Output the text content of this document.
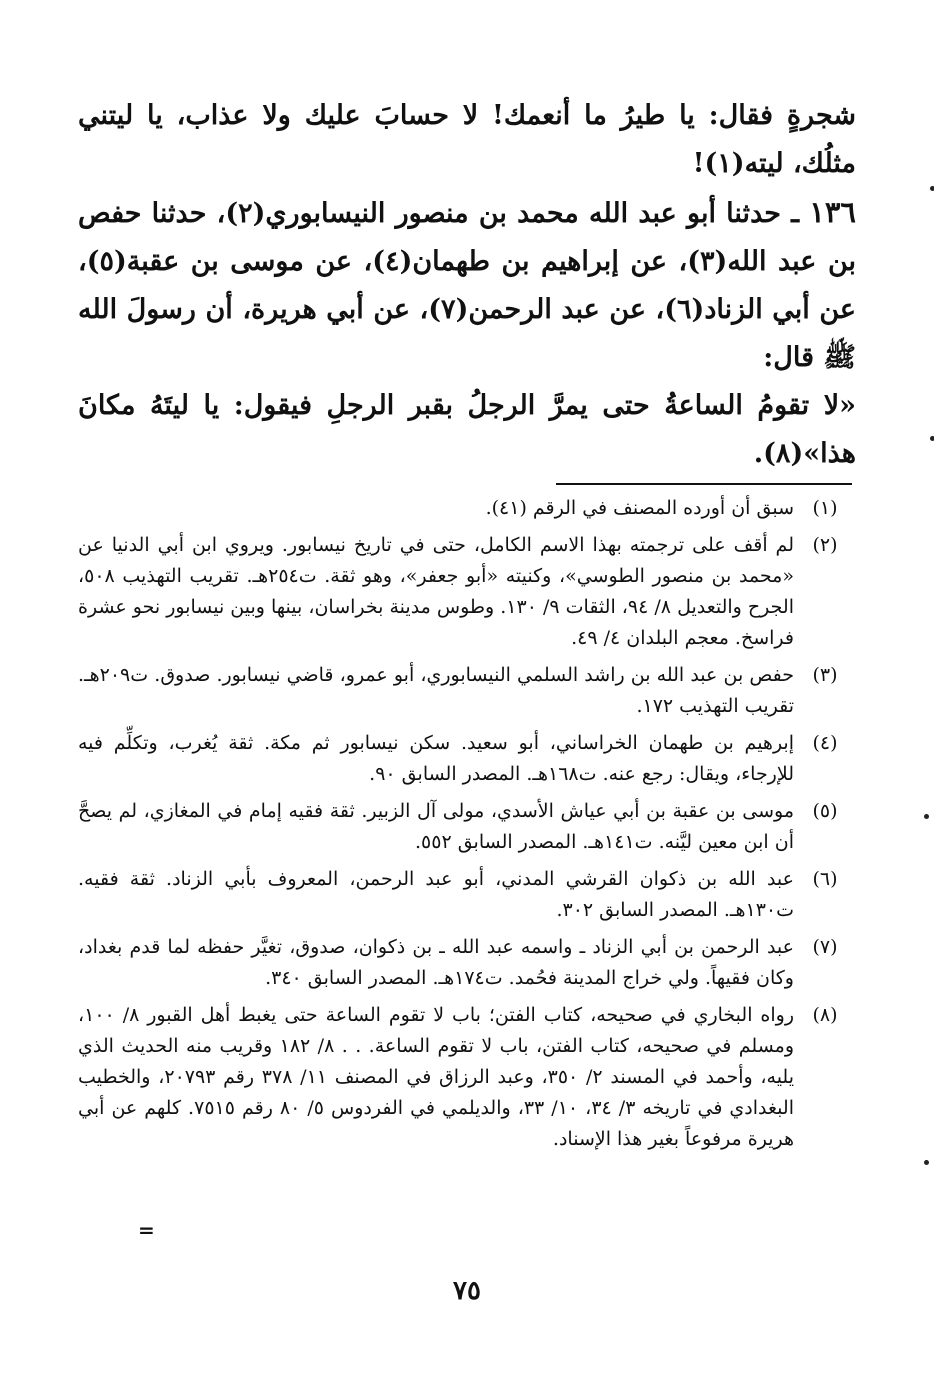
شجرةٍ فقال: يا طيرُ ما أنعمك! لا حسابَ عليك ولا عذاب، يا ليتني مثلُك، ليته(١)!

١٣٦ ـ حدثنا أبو عبد الله محمد بن منصور النيسابوري(٢)، حدثنا حفص بن عبد الله(٣)، عن إبراهيم بن طهمان(٤)، عن موسى بن عقبة(٥)، عن أبي الزناد(٦)، عن عبد الرحمن(٧)، عن أبي هريرة، أن رسولَ الله ﷺ قال:

«لا تقومُ الساعةُ حتى يمرَّ الرجلُ بقبر الرجلِ فيقول: يا ليتَهُ مكانَ هذا»(٨).

(١)
سبق أن أورده المصنف في الرقم (٤١).
(٢)
لم أقف على ترجمته بهذا الاسم الكامل، حتى في تاريخ نيسابور. ويروي ابن أبي الدنيا عن «محمد بن منصور الطوسي»، وكنيته «أبو جعفر»، وهو ثقة. ت٢٥٤هـ. تقريب التهذيب ٥٠٨، الجرح والتعديل ٨/ ٩٤، الثقات ٩/ ١٣٠. وطوس مدينة بخراسان، بينها وبين نيسابور نحو عشرة فراسخ. معجم البلدان ٤/ ٤٩.
(٣)
حفص بن عبد الله بن راشد السلمي النيسابوري، أبو عمرو، قاضي نيسابور. صدوق. ت٢٠٩هـ. تقريب التهذيب ١٧٢.
(٤)
إبرهيم بن طهمان الخراساني، أبو سعيد. سكن نيسابور ثم مكة. ثقة يُغرب، وتكلِّم فيه للإرجاء، ويقال: رجع عنه. ت١٦٨هـ. المصدر السابق ٩٠.
(٥)
موسى بن عقبة بن أبي عياش الأسدي، مولى آل الزبير. ثقة فقيه إمام في المغازي، لم يصحَّ أن ابن معين ليَّنه. ت١٤١هـ. المصدر السابق ٥٥٢.
(٦)
عبد الله بن ذكوان القرشي المدني، أبو عبد الرحمن، المعروف بأبي الزناد. ثقة فقيه. ت١٣٠هـ. المصدر السابق ٣٠٢.
(٧)
عبد الرحمن بن أبي الزناد ـ واسمه عبد الله ـ بن ذكوان، صدوق، تغيَّر حفظه لما قدم بغداد، وكان فقيهاً. ولي خراج المدينة فحُمد. ت١٧٤هـ. المصدر السابق ٣٤٠.
(٨)
رواه البخاري في صحيحه، كتاب الفتن؛ باب لا تقوم الساعة حتى يغبط أهل القبور ٨/ ١٠٠، ومسلم في صحيحه، كتاب الفتن، باب لا تقوم الساعة. . . ٨/ ١٨٢ وقريب منه الحديث الذي يليه، وأحمد في المسند ٢/ ٣٥٠، وعبد الرزاق في المصنف ١١/ ٣٧٨ رقم ٢٠٧٩٣، والخطيب البغدادي في تاريخه ٣/ ٣٤، ١٠/ ٣٣، والديلمي في الفردوس ٥/ ٨٠ رقم ٧٥١٥. كلهم عن أبي هريرة مرفوعاً بغير هذا الإسناد.
=
٧٥
